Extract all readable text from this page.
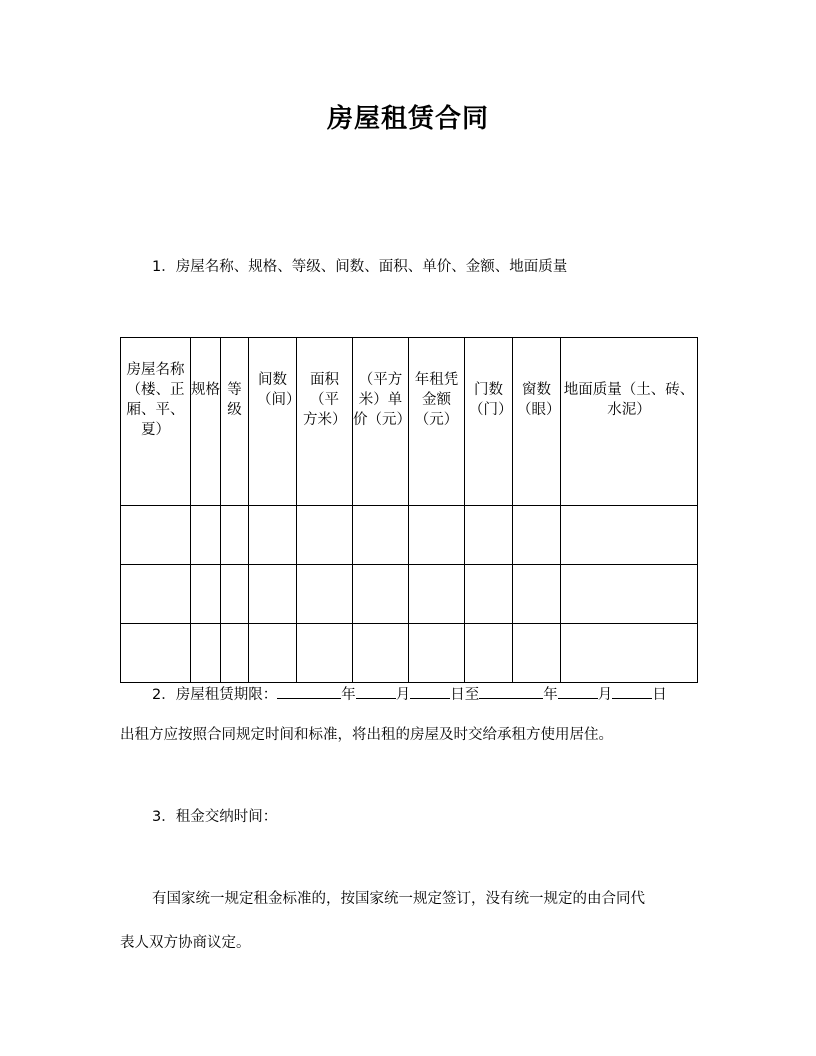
房屋租赁合同
1．房屋名称、规格、等级、间数、面积、单价、金额、地面质量
房屋名称（楼、正厢、平、夏）	规格	等级	间数（间）	面积（平方米）	（平方米）单价（元）	年租凭金额（元）	门数（门）	窗数（眼）	地面质量（土、砖、水泥）

2．房屋租赁期限：	年	月	日至	年	月	日
出租方应按照合同规定时间和标准，将出租的房屋及时交给承租方使用居住。
3．租金交纳时间：
有国家统一规定租金标准的，按国家统一规定签订，没有统一规定的由合同代
表人双方协商议定。
